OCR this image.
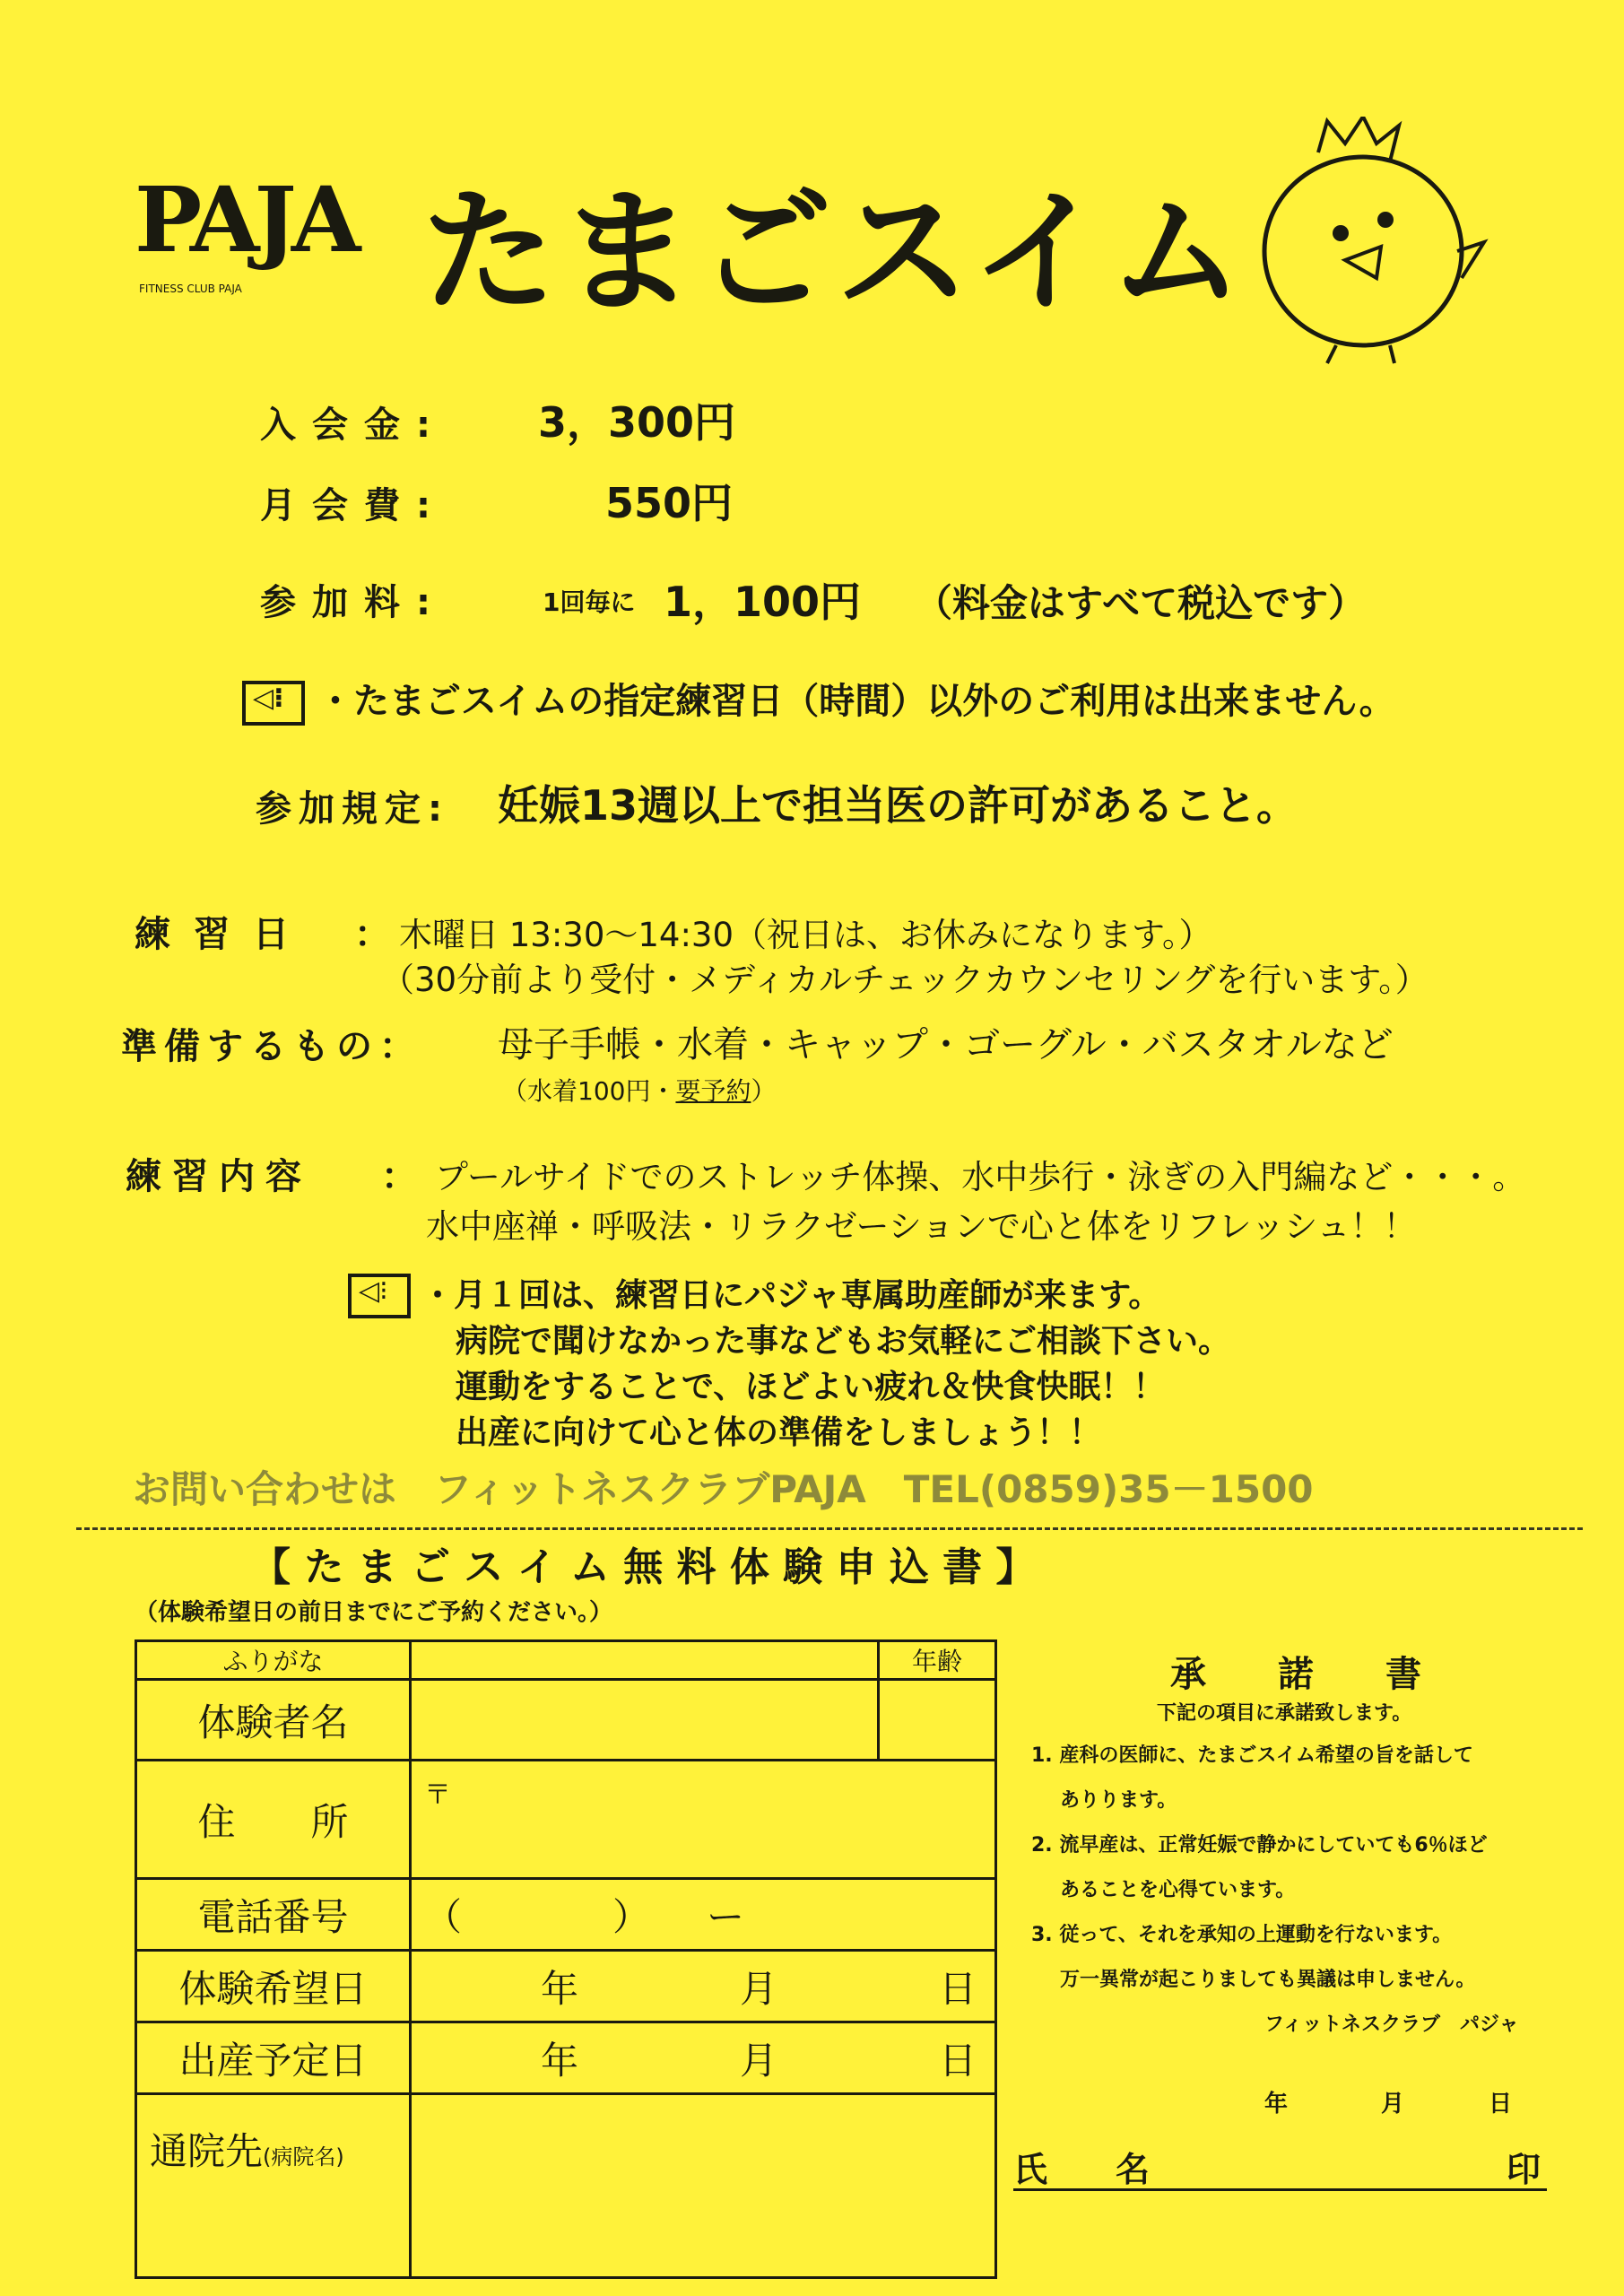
PAJA
FITNESS CLUB PAJA たまごスイム
入会金: 3，300円
月会費:	550円
参加料:	1回毎に 1，100円 （料金はすべて税込です）
◁⁝・たまごスイムの指定練習日（時間）以外のご利用は出来ません。
参加規定: 妊娠13週以上で担当医の許可があること。
練習日 ： 木曜日 13:30～14:30（祝日は、お休みになります。）
（30分前より受付・メディカルチェックカウンセリングを行います。）
準備するもの： 母子手帳・水着・キャップ・ゴーグル・バスタオルなど
（水着100円・要予約）
練習内容 ： プールサイドでのストレッチ体操、水中歩行・泳ぎの入門編など・・・。
水中座禅・呼吸法・リラクゼーションで心と体をリフレッシュ！！
◁⁝
・月１回は、練習日にパジャ専属助産師が来ます。
病院で聞けなかった事などもお気軽にご相談下さい。
運動をすることで、ほどよい疲れ＆快食快眠！！
出産に向けて心と体の準備をしましょう！！
お問い合わせは　フィットネスクラブPAJA　TEL(0859)35－1500
【 た ま ご ス イ ム 無 料 体 験 申 込 書 】
（体験希望日の前日までにご予約ください。）
ふりがな		年齢
体験者名		
住　　所	〒	
電話番号	（　　　　）　　ー	
体験希望日	年 月 日	
出産予定日	年 月 日	
通院先(病院名)		
承　　諾　　書
下記の項目に承諾致します。
1. 産科の医師に、たまごスイム希望の旨を話して
ありります。
2. 流早産は、正常妊娠で静かにしていても6％ほど
あることを心得ています。
3. 従って、それを承知の上運動を行ないます。
万一異常が起こりましても異議は申しません。
フィットネスクラブ　パジャ
年	月	日
氏　　名	印
